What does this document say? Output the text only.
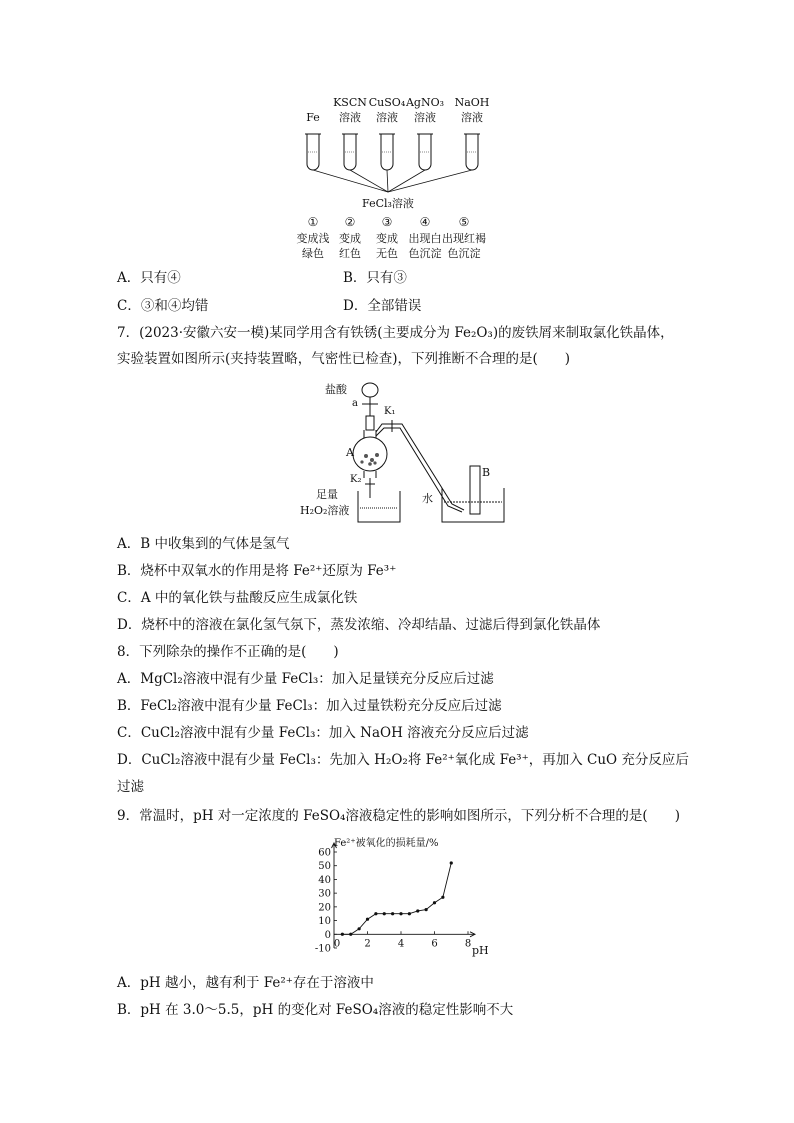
FeCl₃溶液
Fe
KSCN
溶液
CuSO₄
溶液
AgNO₃
溶液
NaOH
溶液
① ② ③ ④ ⑤
变成浅
绿色
变成
红色
变成
无色
出现白
色沉淀
出现红褐
色沉淀
A．只有④	B．只有③
C．③和④均错	D．全部错误
7．(2023·安徽六安一模)某同学用含有铁锈(主要成分为 Fe₂O₃)的废铁屑来制取氯化铁晶体，
实验装置如图所示(夹持装置略，气密性已检查)，下列推断不合理的是(　　)
盐酸
a
K₁
A
K₂
B
水
足量
H₂O₂溶液
A．B 中收集到的气体是氢气
B．烧杯中双氧水的作用是将 Fe²⁺还原为 Fe³⁺
C．A 中的氧化铁与盐酸反应生成氯化铁
D．烧杯中的溶液在氯化氢气氛下，蒸发浓缩、冷却结晶、过滤后得到氯化铁晶体
8．下列除杂的操作不正确的是(　　)
A．MgCl₂溶液中混有少量 FeCl₃：加入足量镁充分反应后过滤
B．FeCl₂溶液中混有少量 FeCl₃：加入过量铁粉充分反应后过滤
C．CuCl₂溶液中混有少量 FeCl₃：加入 NaOH 溶液充分反应后过滤
D．CuCl₂溶液中混有少量 FeCl₃：先加入 H₂O₂将 Fe²⁺氧化成 Fe³⁺，再加入 CuO 充分反应后
过滤
9．常温时，pH 对一定浓度的 FeSO₄溶液稳定性的影响如图所示，下列分析不合理的是(　　)
Fe²⁺被氧化的损耗量/%
pH
-10
0
10
20
30
40
50
60
0 2	4	6	8
A．pH 越小，越有利于 Fe²⁺存在于溶液中
B．pH 在 3.0～5.5，pH 的变化对 FeSO₄溶液的稳定性影响不大
